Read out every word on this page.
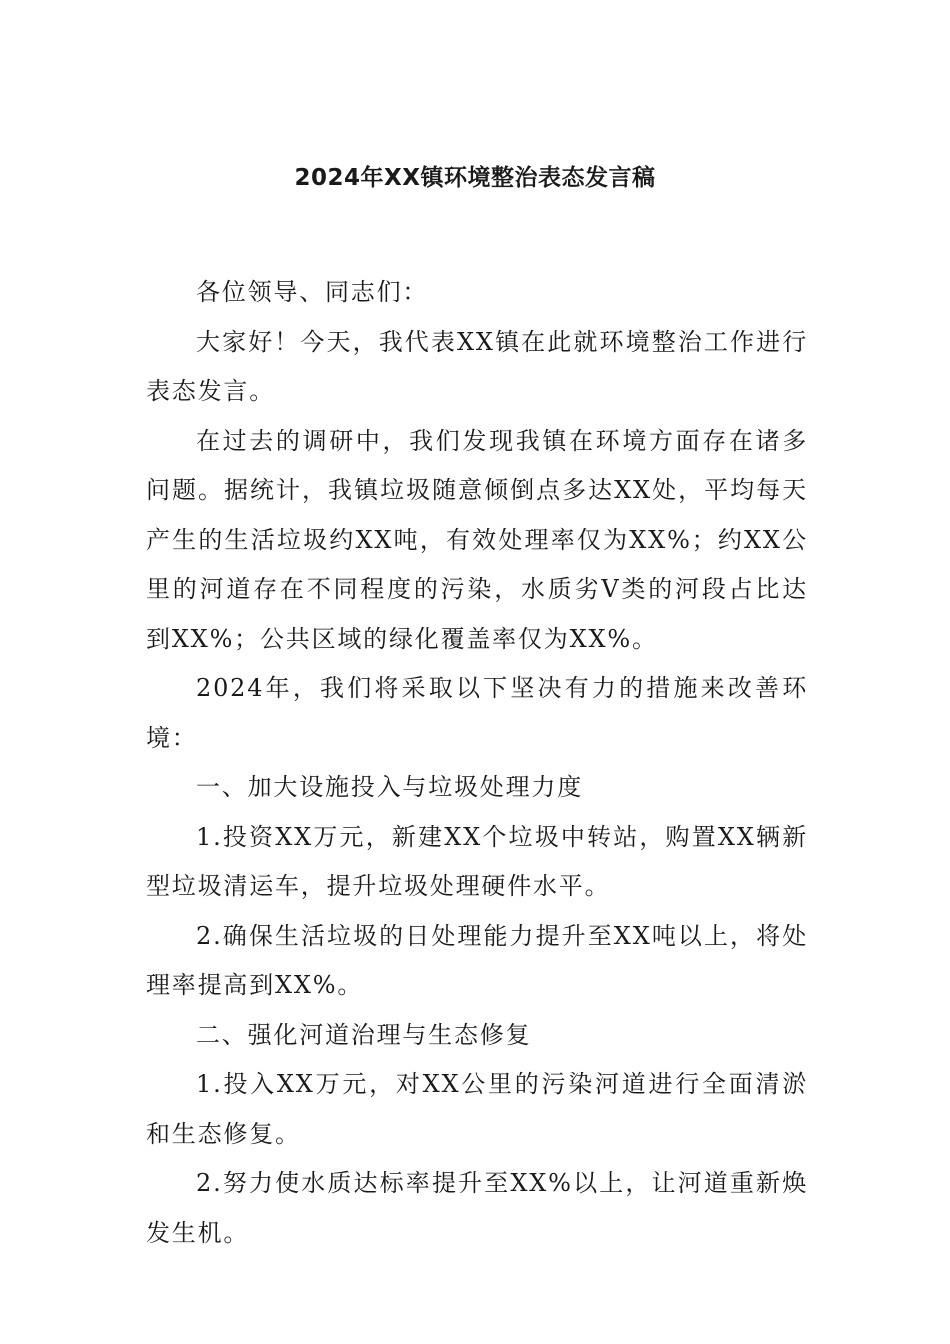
2024年XX镇环境整治表态发言稿

各位领导、同志们：

大家好！今天，我代表XX镇在此就环境整治工作进行表态发言。

在过去的调研中，我们发现我镇在环境方面存在诸多问题。据统计，我镇垃圾随意倾倒点多达XX处，平均每天产生的生活垃圾约XX吨，有效处理率仅为XX%；约XX公里的河道存在不同程度的污染，水质劣V类的河段占比达到XX%；公共区域的绿化覆盖率仅为XX%。

2024年，我们将采取以下坚决有力的措施来改善环境：

一、加大设施投入与垃圾处理力度

1.投资XX万元，新建XX个垃圾中转站，购置XX辆新型垃圾清运车，提升垃圾处理硬件水平。

2.确保生活垃圾的日处理能力提升至XX吨以上，将处理率提高到XX%。

二、强化河道治理与生态修复

1.投入XX万元，对XX公里的污染河道进行全面清淤和生态修复。

2.努力使水质达标率提升至XX%以上，让河道重新焕发生机。
